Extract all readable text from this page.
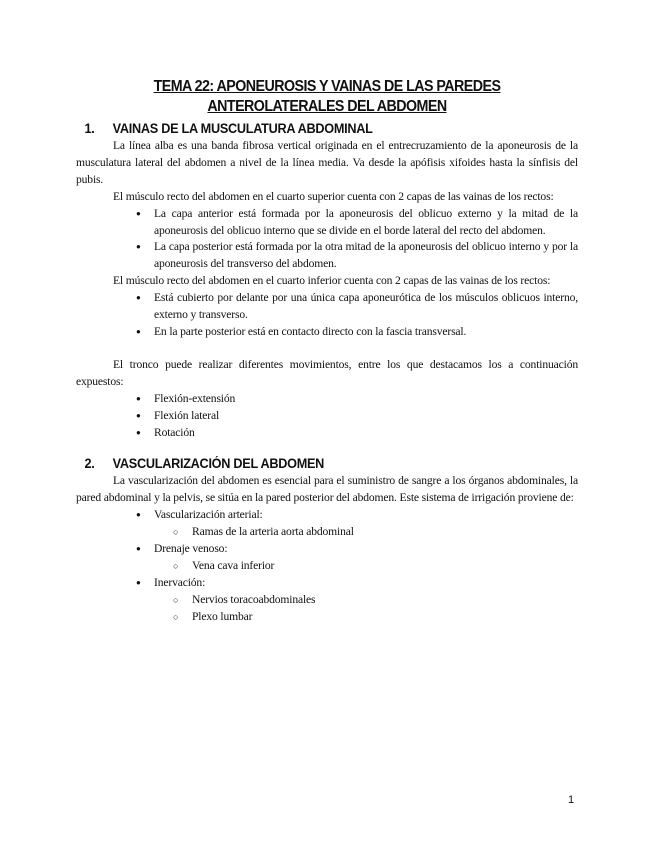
TEMA 22: APONEUROSIS Y VAINAS DE LAS PAREDES ANTEROLATERALES DEL ABDOMEN
1.	VAINAS DE LA MUSCULATURA ABDOMINAL

La línea alba es una banda fibrosa vertical originada en el entrecruzamiento de la aponeurosis de la musculatura lateral del abdomen a nivel de la línea media. Va desde la apófisis xifoides hasta la sínfisis del pubis.

El músculo recto del abdomen en el cuarto superior cuenta con 2 capas de las vainas de los rectos:

● La capa anterior está formada por la aponeurosis del oblicuo externo y la mitad de la aponeurosis del oblicuo interno que se divide en el borde lateral del recto del abdomen.
● La capa posterior está formada por la otra mitad de la aponeurosis del oblicuo interno y por la aponeurosis del transverso del abdomen.

El músculo recto del abdomen en el cuarto inferior cuenta con 2 capas de las vainas de los rectos:

● Está cubierto por delante por una única capa aponeurótica de los músculos oblicuos interno, externo y transverso.
● En la parte posterior está en contacto directo con la fascia transversal.

El tronco puede realizar diferentes movimientos, entre los que destacamos los a continuación expuestos:

● Flexión-extensión
● Flexión lateral
● Rotación
2.	VASCULARIZACIÓN DEL ABDOMEN

La vascularización del abdomen es esencial para el suministro de sangre a los órganos abdominales, la pared abdominal y la pelvis, se sitúa en la pared posterior del abdomen. Este sistema de irrigación proviene de:

● Vascularización arterial:
○ Ramas de la arteria aorta abdominal
● Drenaje venoso:
○ Vena cava inferior
● Inervación:
○ Nervios toracoabdominales
○ Plexo lumbar
1
